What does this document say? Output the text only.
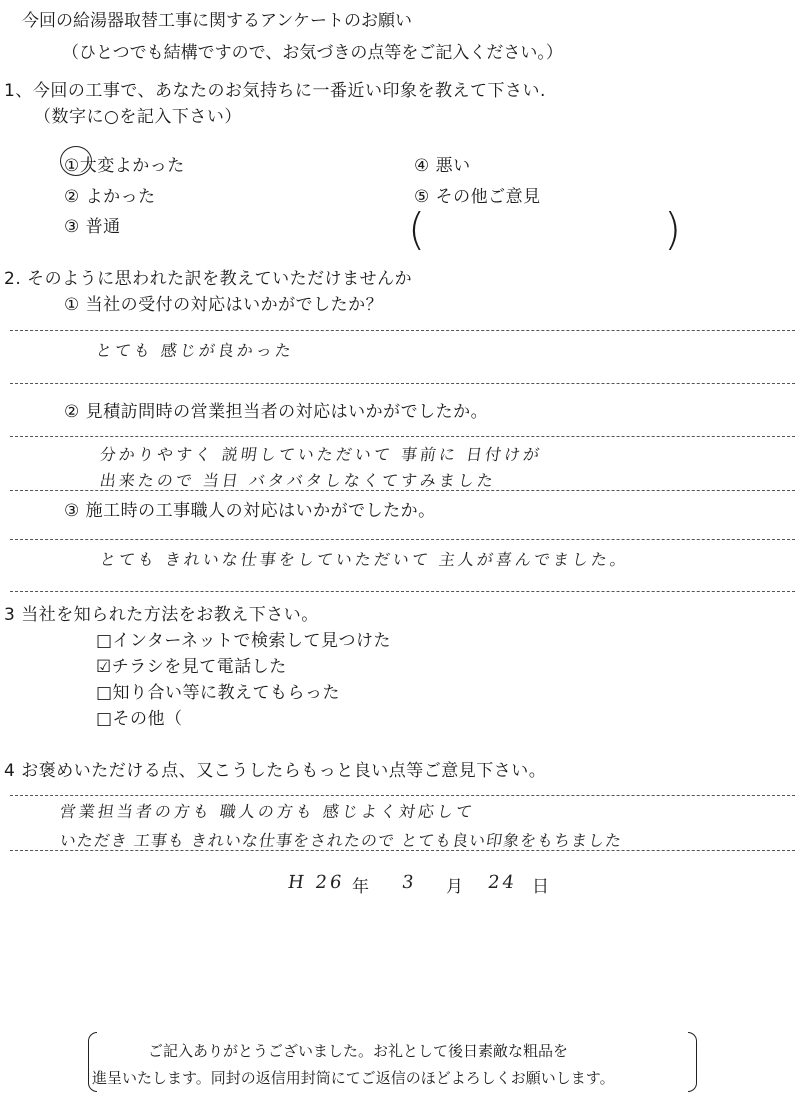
今回の給湯器取替工事に関するアンケートのお願い
（ひとつでも結構ですので、お気づきの点等をご記入ください。）
1、今回の工事で、あなたのお気持ちに一番近い印象を教えて下さい.
（数字に○を記入下さい）
①大変よかった
② よかった
③ 普通
④ 悪い
⑤ その他ご意見
(	)
2. そのように思われた訳を教えていただけませんか
① 当社の受付の対応はいかがでしたか？
とても 感じが良かった
② 見積訪問時の営業担当者の対応はいかがでしたか。
分かりやすく 説明していただいて 事前に 日付けが
出来たので 当日 バタバタしなくてすみました
③ 施工時の工事職人の対応はいかがでしたか。
とても きれいな仕事をしていただいて 主人が喜んでました。
3 当社を知られた方法をお教え下さい。
□インターネットで検索して見つけた
☑チラシを見て電話した
□知り合い等に教えてもらった
□その他（
4 お褒めいただける点、又こうしたらもっと良い点等ご意見下さい。
営業担当者の方も 職人の方も 感じよく対応して
いただき 工事も きれいな仕事をされたので とても良い印象をもちました
H 26 年 3 月 24 日
ご記入ありがとうございました。お礼として後日素敵な粗品を
進呈いたします。同封の返信用封筒にてご返信のほどよろしくお願いします。
